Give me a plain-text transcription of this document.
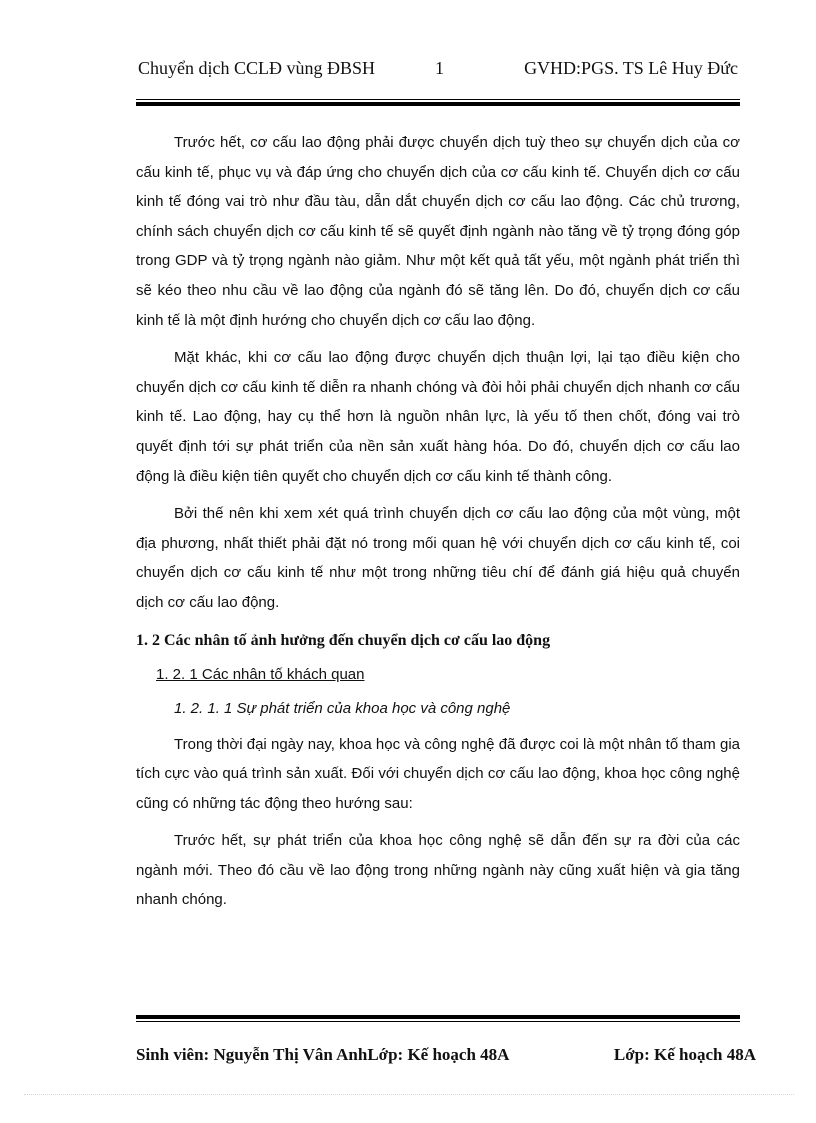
Chuyển dịch CCLĐ vùng ĐBSH	1	GVHD:PGS. TS Lê Huy Đức

Trước hết, cơ cấu lao động phải được chuyển dịch tuỳ theo sự chuyển dịch của cơ cấu kinh tế, phục vụ và đáp ứng cho chuyển dịch của cơ cấu kinh tế. Chuyển dịch cơ cấu kinh tế đóng vai trò như đầu tàu, dẫn dắt chuyển dịch cơ cấu lao động. Các chủ trương, chính sách chuyển dịch cơ cấu kinh tế sẽ quyết định ngành nào tăng về tỷ trọng đóng góp trong GDP và tỷ trọng ngành nào giảm. Như một kết quả tất yếu, một ngành phát triển thì sẽ kéo theo nhu cầu về lao động của ngành đó sẽ tăng lên. Do đó, chuyển dịch cơ cấu kinh tế là một định hướng cho chuyển dịch cơ cấu lao động.

Mặt khác, khi cơ cấu lao động được chuyển dịch thuận lợi, lại tạo điều kiện cho chuyển dịch cơ cấu kinh tế diễn ra nhanh chóng và đòi hỏi phải chuyển dịch nhanh cơ cấu kinh tế. Lao động, hay cụ thể hơn là nguồn nhân lực, là yếu tố then chốt, đóng vai trò quyết định tới sự phát triển của nền sản xuất hàng hóa. Do đó, chuyển dịch cơ cấu lao động là điều kiện tiên quyết cho chuyển dịch cơ cấu kinh tế thành công.

Bởi thế nên khi xem xét quá trình chuyển dịch cơ cấu lao động của một vùng, một địa phương, nhất thiết phải đặt nó trong mối quan hệ với chuyển dịch cơ cấu kinh tế, coi chuyển dịch cơ cấu kinh tế như một trong những tiêu chí để đánh giá hiệu quả chuyển dịch cơ cấu lao động.

1. 2 Các nhân tố ảnh hưởng đến chuyển dịch cơ cấu lao động
1. 2. 1 Các nhân tố khách quan
1. 2. 1. 1 Sự phát triển của khoa học và công nghệ

Trong thời đại ngày nay, khoa học và công nghệ đã được coi là một nhân tố tham gia tích cực vào quá trình sản xuất. Đối với chuyển dịch cơ cấu lao động, khoa học công nghệ cũng có những tác động theo hướng sau:

Trước hết, sự phát triển của khoa học công nghệ sẽ dẫn đến sự ra đời của các ngành mới. Theo đó cầu về lao động trong những ngành này cũng xuất hiện và gia tăng nhanh chóng.

Sinh viên: Nguyễn Thị Vân AnhLớp: Kế hoạch 48A	Lớp: Kế hoạch 48A
